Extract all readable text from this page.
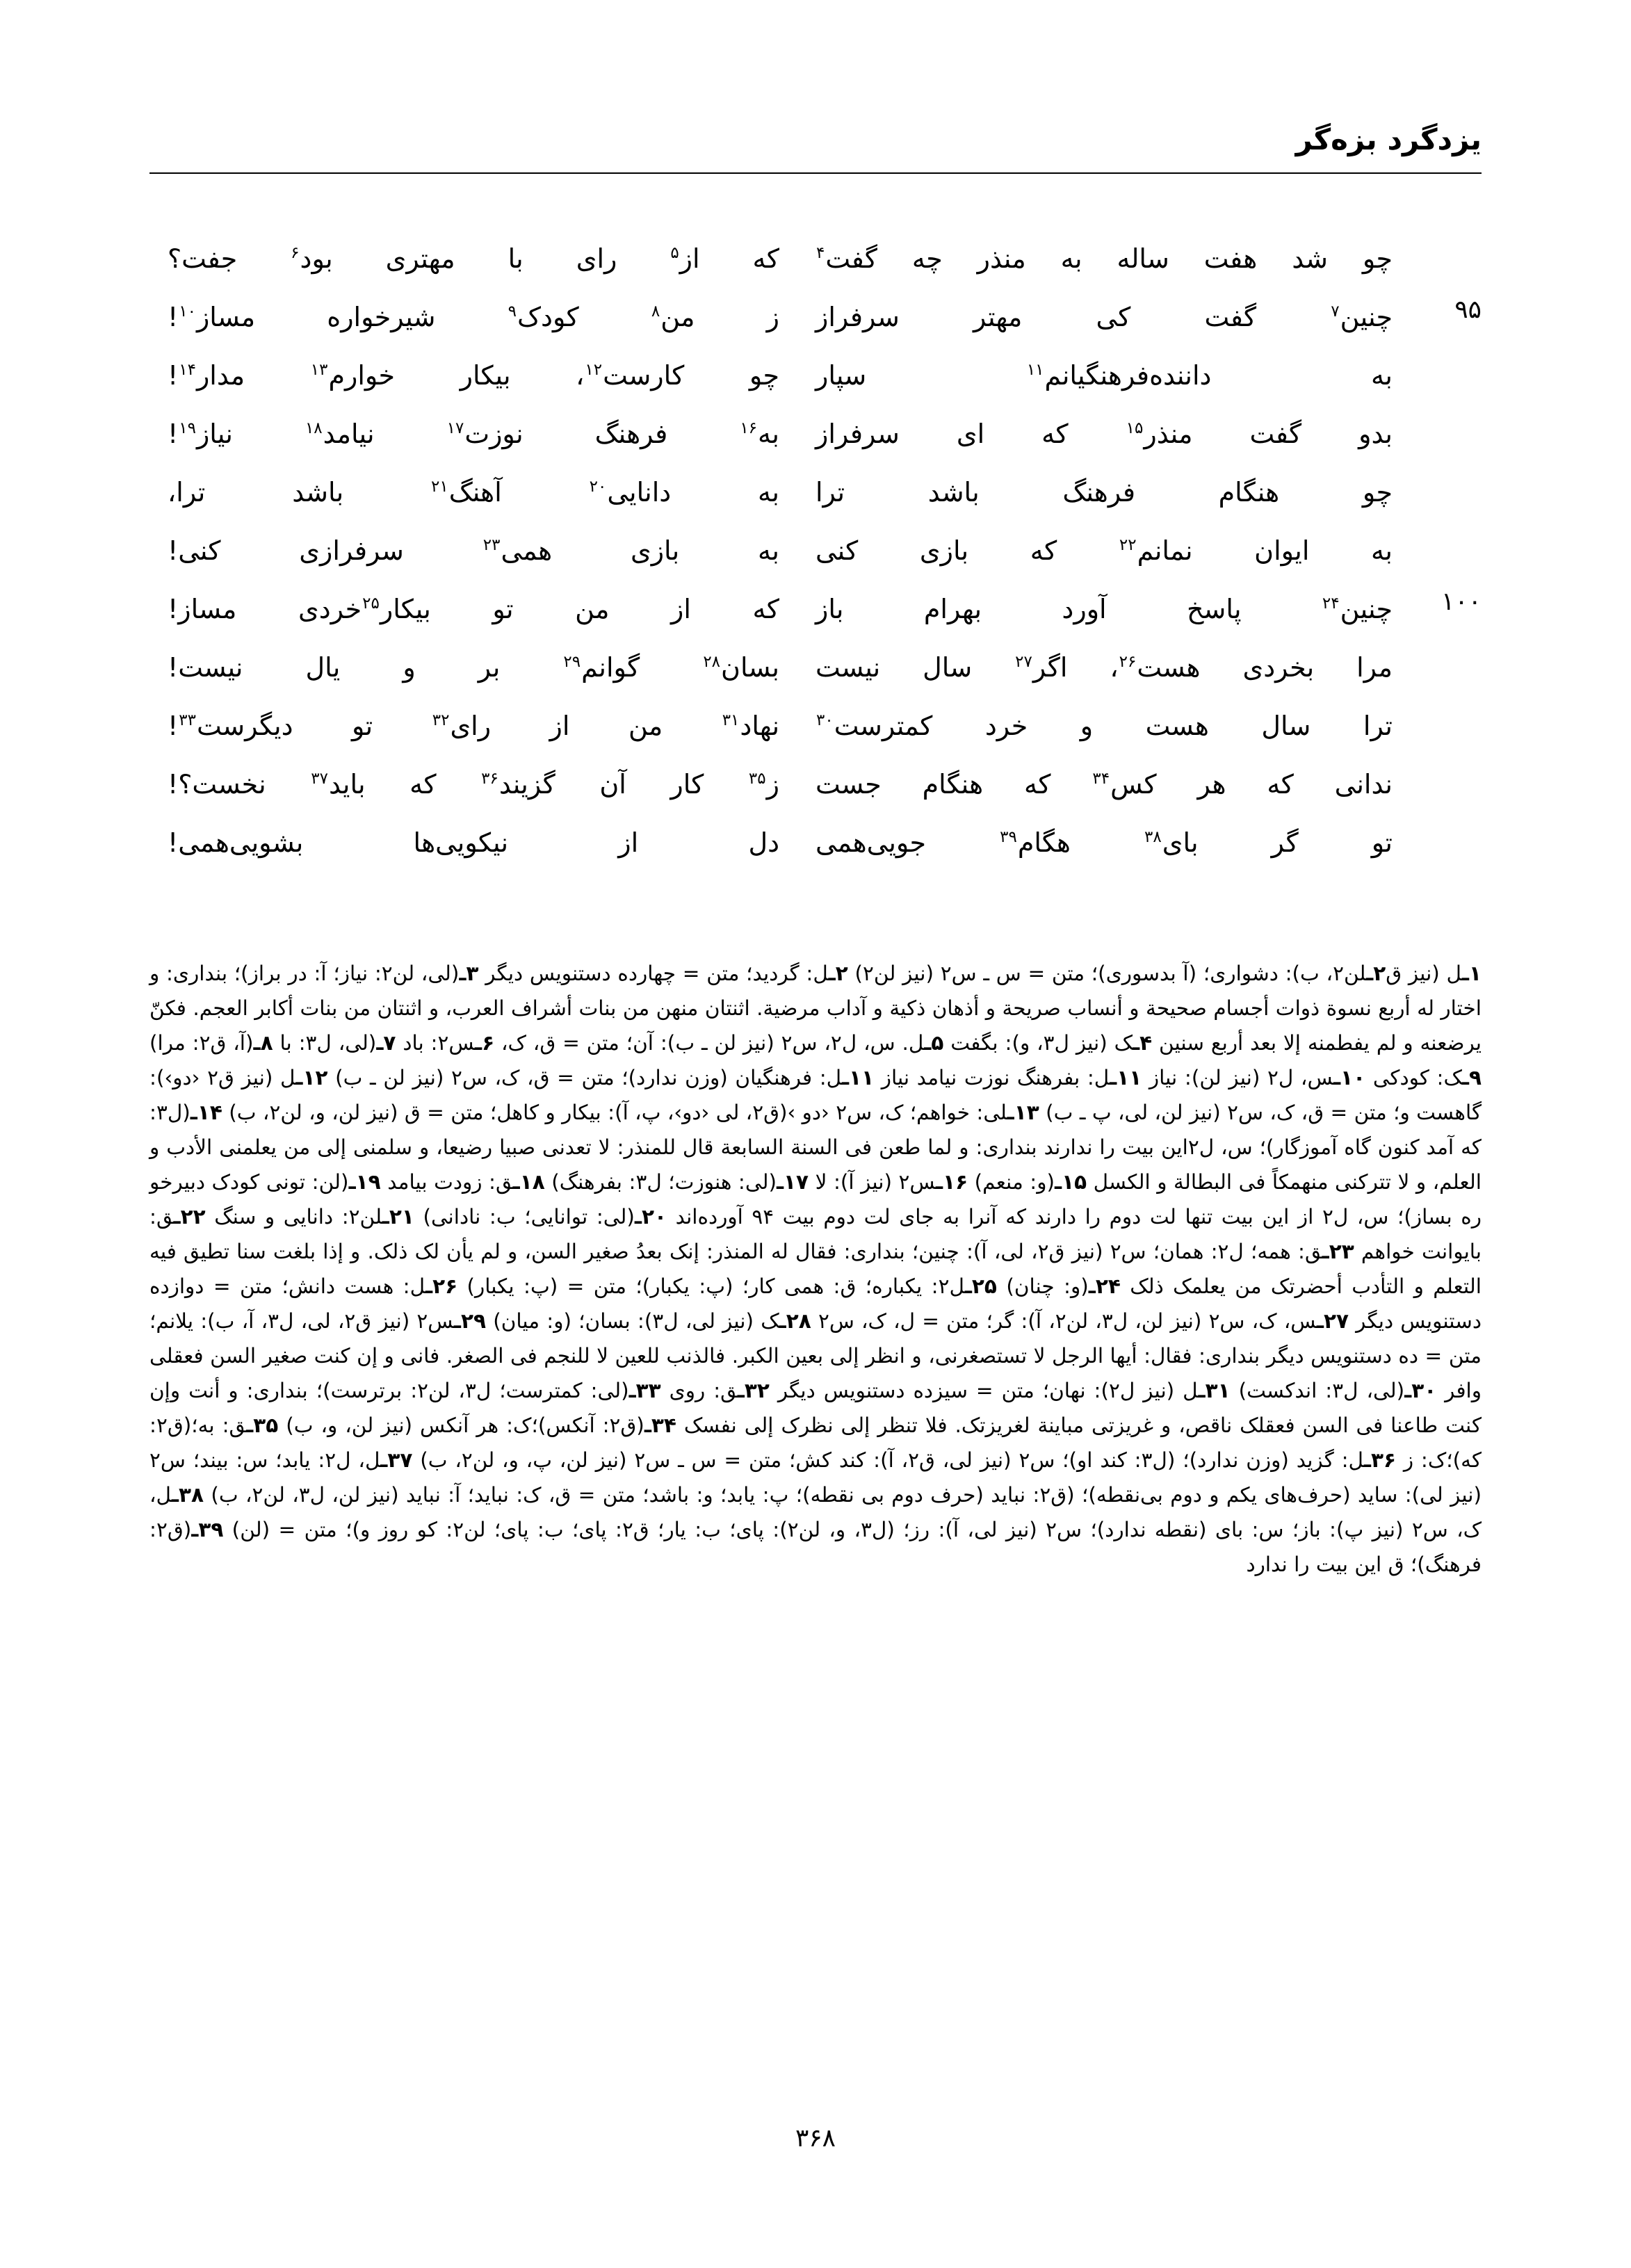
یزدگرد بزه‌گر
چو شد هفت ساله به منذر چه گفت$^۴$
که از$^۵$ رای با مهتری بود$^۶$ جفت؟
۹۵
چنین$^۷$ گفت کی مهتر سرفراز
ز من$^۸$ کودک$^۹$ شیرخواره مساز$^{۱۰}$!
به داننده‌فرهنگیانم$^{۱۱}$ سپار
چو کارست$^{۱۲}$، بیکار خوارم$^{۱۳}$ مدار$^{۱۴}$!
بدو گفت منذر$^{۱۵}$ که ای سرفراز
به$^{۱۶}$ فرهنگ نوزت$^{۱۷}$ نیامد$^{۱۸}$ نیاز$^{۱۹}$!
چو هنگام فرهنگ باشد ترا
به دانایی$^{۲۰}$ آهنگ$^{۲۱}$ باشد ترا،
به ایوان نمانم$^{۲۲}$ که بازی کنی
به بازی همی$^{۲۳}$ سرفرازی کنی!
۱۰۰
چنین$^{۲۴}$ پاسخ آورد بهرام باز
که از من تو بیکار$^{۲۵}$خردی مساز!
مرا بخردی هست$^{۲۶}$، اگر$^{۲۷}$ سال نیست
بسان$^{۲۸}$ گوانم$^{۲۹}$ بر و یال نیست!
ترا سال هست و خرد کمترست$^{۳۰}$
نهاد$^{۳۱}$ من از رای$^{۳۲}$ تو دیگرست$^{۳۳}$!
ندانی که هر کس$^{۳۴}$ که هنگام جست
ز$^{۳۵}$ کار آن گزیند$^{۳۶}$ که باید$^{۳۷}$ نخست؟!
تو گر بای$^{۳۸}$ هگام$^{۳۹}$ جویی‌همی
دل از نیکویی‌ها بشویی‌همی!
۱ـل (نیز ق۲ـلن۲، ب): دشواری؛ (آ بدسوری)؛ متن = س ـ س۲ (نیز لن۲) ۲ـل: گردید؛ متن = چهارده دستنویس دیگر ۳ـ(لی، لن۲: نیاز؛ آ: در براز)؛ بنداری: و اختار له أربع نسوة ذوات أجسام صحیحة و أنساب صریحة و أذهان ذکیة و آداب مرضیة. اثنتان منهن من بنات أشراف العرب، و اثنتان من بنات أکابر العجم. فکنّ یرضعنه و لم یفطمنه إلا بعد أربع سنین ۴ـک (نیز ل۳، و): بگفت ۵ـل. س، ل۲، س۲ (نیز لن ـ ب): آن؛ متن = ق، ک، ۶ـس۲: باد ۷ـ(لی، ل۳: با ۸ـ(آ، ق۲: مرا) ۹ـک: کودکی ۱۰ـس، ل۲ (نیز لن): نیاز ۱۱ـل: بفرهنگ نوزت نیامد نیاز ۱۱ـل: فرهنگیان (وزن ندارد)؛ متن = ق، ک، س۲ (نیز لن ـ ب) ۱۲ـل (نیز ق۲ ‹دو›): گاهست و؛ متن = ق، ک، س۲ (نیز لن، لی، پ ـ ب) ۱۳ـلی: خواهم؛ ک، س۲ ‹دو ›(ق۲، لی ‹دو›، پ، آ): بیکار و کاهل؛ متن = ق (نیز لن، و، لن۲، ب) ۱۴ـ(ل۳: که آمد کنون گاه آموزگار)؛ س، ل۲این بیت را ندارند بنداری: و لما طعن فی السنة السابعة قال للمنذر: لا تعدنی صبیا رضیعا، و سلمنی إلی من یعلمنی الأدب و العلم، و لا تترکنی منهمکاً فی البطالة و الکسل ۱۵ـ(و: منعم) ۱۶ـس۲ (نیز آ): لا ۱۷ـ(لی: هنوزت؛ ل۳: بفرهنگ) ۱۸ـق: زودت بیامد ۱۹ـ(لن: تونی کودک دبیرخو ره بساز)؛ س، ل۲ از این بیت تنها لت دوم را دارند که آنرا به جای لت دوم بیت ۹۴ آورده‌اند ۲۰ـ(لی: توانایی؛ ب: نادانی) ۲۱ـلن۲: دانایی و سنگ ۲۲ـق: بایوانت خواهم ۲۳ـق: همه؛ ل۲: همان؛ س۲ (نیز ق۲، لی، آ): چنین؛ بنداری: فقال له المنذر: إنک بعدُ صغیر السن، و لم یأن لک ذلک. و إذا بلغت سنا تطیق فیه التعلم و التأدب أحضرتک من یعلمک ذلک ۲۴ـ(و: چنان) ۲۵ـل۲: یکباره؛ ق: همی کار؛ (پ: یکبار)؛ متن = (پ: یکبار) ۲۶ـل: هست دانش؛ متن = دوازده دستنویس دیگر ۲۷ـس، ک، س۲ (نیز لن، ل۳، لن۲، آ): گر؛ متن = ل، ک، س۲ ۲۸ـک (نیز لی، ل۳): بسان؛ (و: میان) ۲۹ـس۲ (نیز ق۲، لی، ل۳، آ، ب): یلانم؛ متن = ده دستنویس دیگر بنداری: فقال: أیها الرجل لا تستصغرنی، و انظر إلی بعین الکبر. فالذنب للعین لا للنجم فی الصغر. فانی و إن کنت صغیر السن فعقلی وافر ۳۰ـ(لی، ل۳: اندکست) ۳۱ـل (نیز ل۲): نهان؛ متن = سیزده دستنویس دیگر ۳۲ـق: روی ۳۳ـ(لی: کمترست؛ ل۳، لن۲: برترست)؛ بنداری: و أنت وإن کنت طاعنا فی السن فعقلک ناقص، و غریزتی مباینة لغریزتک. فلا تنظر إلی نظرک إلی نفسک ۳۴ـ(ق۲: آنکس)؛ک: هر آنکس (نیز لن، و، ب) ۳۵ـق: به؛(ق۲: که)؛ک: ز ۳۶ـل: گزید (وزن ندارد)؛ (ل۳: کند او)؛ س۲ (نیز لی، ق۲، آ): کند کش؛ متن = س ـ س۲ (نیز لن، پ، و، لن۲، ب) ۳۷ـل، ل۲: یابد؛ س: بیند؛ س۲ (نیز لی): ساید (حرف‌های یکم و دوم بی‌نقطه)؛ (ق۲: نباید (حرف دوم بی نقطه)؛ پ: یابد؛ و: باشد؛ متن = ق، ک: نباید؛ آ: نباید (نیز لن، ل۳، لن۲، ب) ۳۸ـل، ک، س۲ (نیز پ): باز؛ س: بای (نقطه ندارد)؛ س۲ (نیز لی، آ): رز؛ (ل۳، و، لن۲): پای؛ ب: یار؛ ق۲: پای؛ ب: پای؛ لن۲: کو روز و)؛ متن = (لن) ۳۹ـ(ق۲: فرهنگ)؛ ق این بیت را ندارد
۳۶۸
